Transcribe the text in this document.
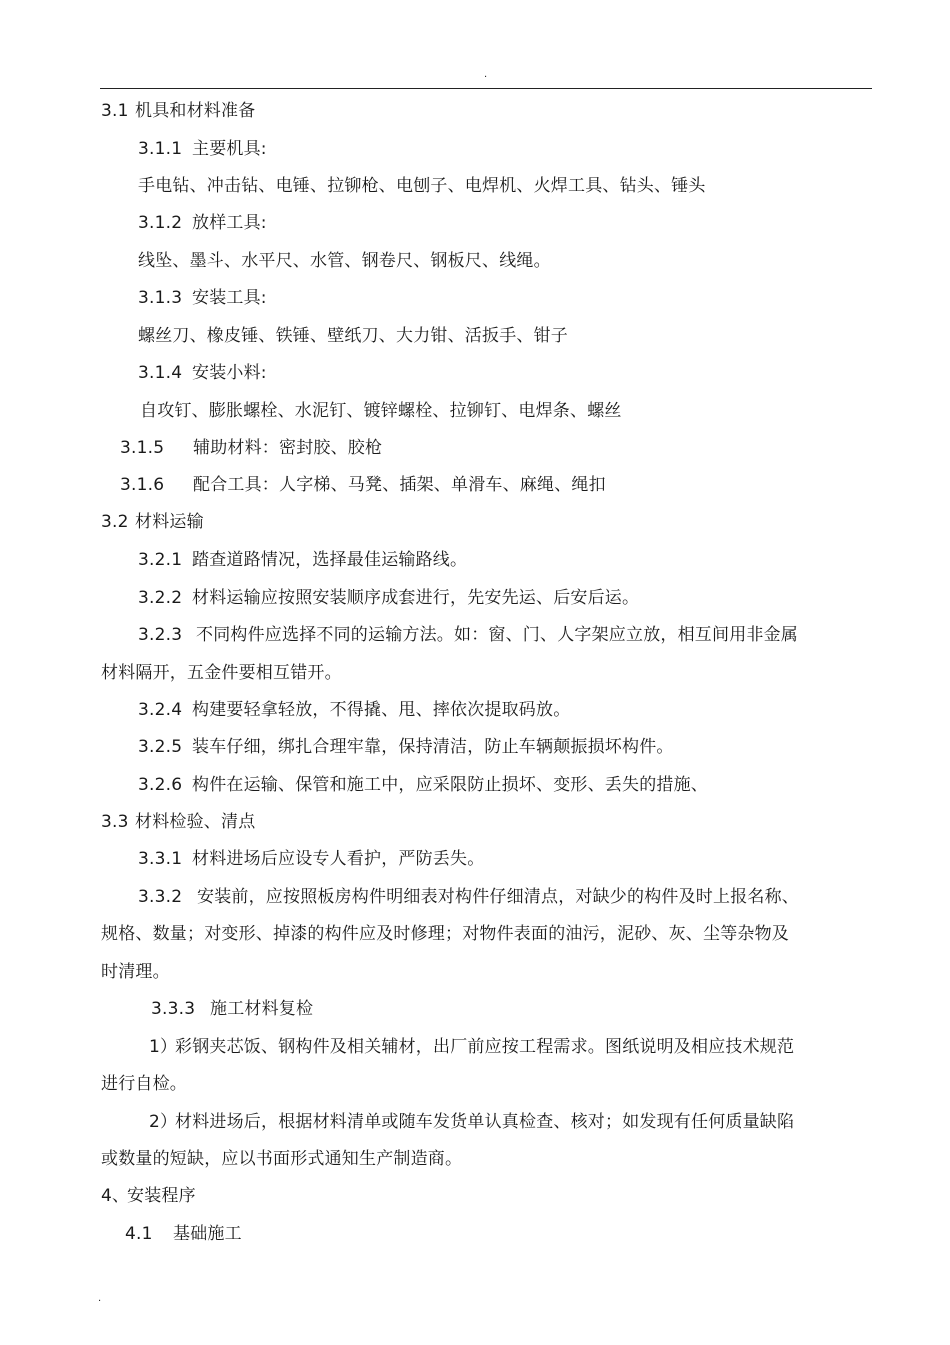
.
3.1 机具和材料准备
3.1.1 主要机具:
手电钻、冲击钻、电锤、拉铆枪、电刨子、电焊机、火焊工具、钻头、锤头
3.1.2 放样工具:
线坠、墨斗、水平尺、水管、钢卷尺、钢板尺、线绳。
3.1.3 安装工具:
螺丝刀、橡皮锤、铁锤、壁纸刀、大力钳、活扳手、钳子
3.1.4 安装小料:
自攻钉、膨胀螺栓、水泥钉、镀锌螺栓、拉铆钉、电焊条、螺丝
3.1.5 辅助材料：密封胶、胶枪
3.1.6 配合工具：人字梯、马凳、插架、单滑车、麻绳、绳扣
3.2 材料运输
3.2.1 踏查道路情况，选择最佳运输路线。
3.2.2 材料运输应按照安装顺序成套进行，先安先运、后安后运。
3.2.3 不同构件应选择不同的运输方法。如：窗、门、人字架应立放，相互间用非金属
材料隔开，五金件要相互错开。
3.2.4 构建要轻拿轻放，不得撬、甩、摔依次提取码放。
3.2.5 装车仔细，绑扎合理牢靠，保持清洁，防止车辆颠振损坏构件。
3.2.6 构件在运输、保管和施工中，应采限防止损坏、变形、丢失的措施、
3.3 材料检验、清点
3.3.1 材料进场后应设专人看护，严防丢失。
3.3.2 安装前，应按照板房构件明细表对构件仔细清点，对缺少的构件及时上报名称、
规格、数量；对变形、掉漆的构件应及时修理；对物件表面的油污，泥砂、灰、尘等杂物及
时清理。
3.3.3 施工材料复检
1）彩钢夹芯饭、钢构件及相关辅材，出厂前应按工程需求。图纸说明及相应技术规范
进行自检。
2）材料进场后，根据材料清单或随车发货单认真检查、核对；如发现有任何质量缺陷
或数量的短缺，应以书面形式通知生产制造商。
4、安装程序
4.1 基础施工
.
